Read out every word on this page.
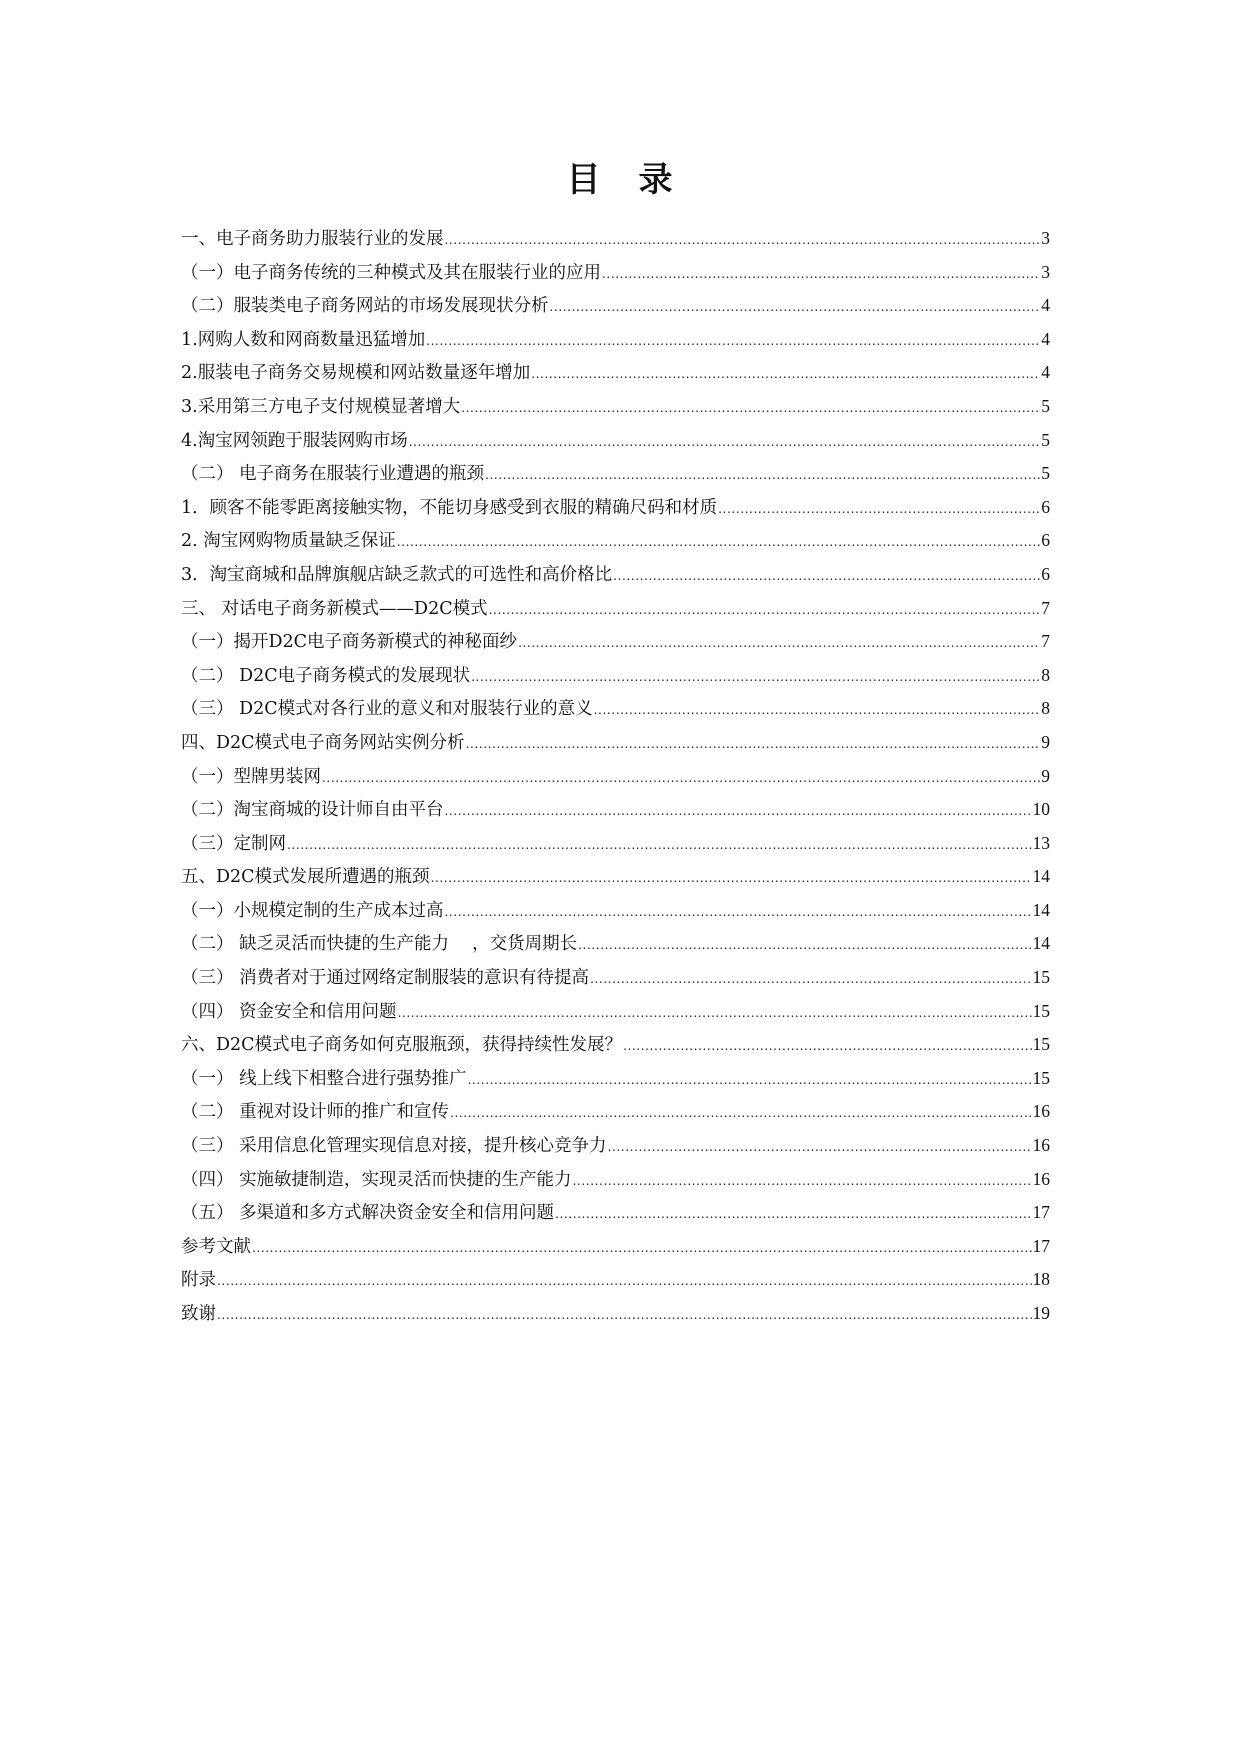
目　录
一、电子商务助力服装行业的发展 .....	3
（一）电子商务传统的三种模式及其在服装行业的应用 .....	3
（二）服装类电子商务网站的市场发展现状分析 .....	4
1.网购人数和网商数量迅猛增加 .....	4
2.服装电子商务交易规模和网站数量逐年增加 .....	4
3.采用第三方电子支付规模显著增大 .....	5
4.淘宝网领跑于服装网购市场 .....	5
（二） 电子商务在服装行业遭遇的瓶颈 .....	5
1．顾客不能零距离接触实物，不能切身感受到衣服的精确尺码和材质 .....	6
2. 淘宝网购物质量缺乏保证 .....	6
3．淘宝商城和品牌旗舰店缺乏款式的可选性和高价格比 .....	6
三、 对话电子商务新模式——D2C模式 .....	7
（一）揭开D2C电子商务新模式的神秘面纱 .....	7
（二） D2C电子商务模式的发展现状 .....	8
（三） D2C模式对各行业的意义和对服装行业的意义 .....	8
四、D2C模式电子商务网站实例分析 .....	9
（一）型牌男装网 .....	9
（二）淘宝商城的设计师自由平台 .....	10
（三）定制网 .....	13
五、D2C模式发展所遭遇的瓶颈 .....	14
（一）小规模定制的生产成本过高 .....	14
（二） 缺乏灵活而快捷的生产能力　 ，交货周期长 .....	14
（三） 消费者对于通过网络定制服装的意识有待提高 .....	15
（四） 资金安全和信用问题 .....	15
六、D2C模式电子商务如何克服瓶颈，获得持续性发展？ .....	15
（一） 线上线下相整合进行强势推广 .....	15
（二） 重视对设计师的推广和宣传 .....	16
（三） 采用信息化管理实现信息对接，提升核心竞争力 .....	16
（四） 实施敏捷制造，实现灵活而快捷的生产能力 .....	16
（五） 多渠道和多方式解决资金安全和信用问题 .....	17
参考文献 .....	17
附录 .....	18
致谢 .....	19
